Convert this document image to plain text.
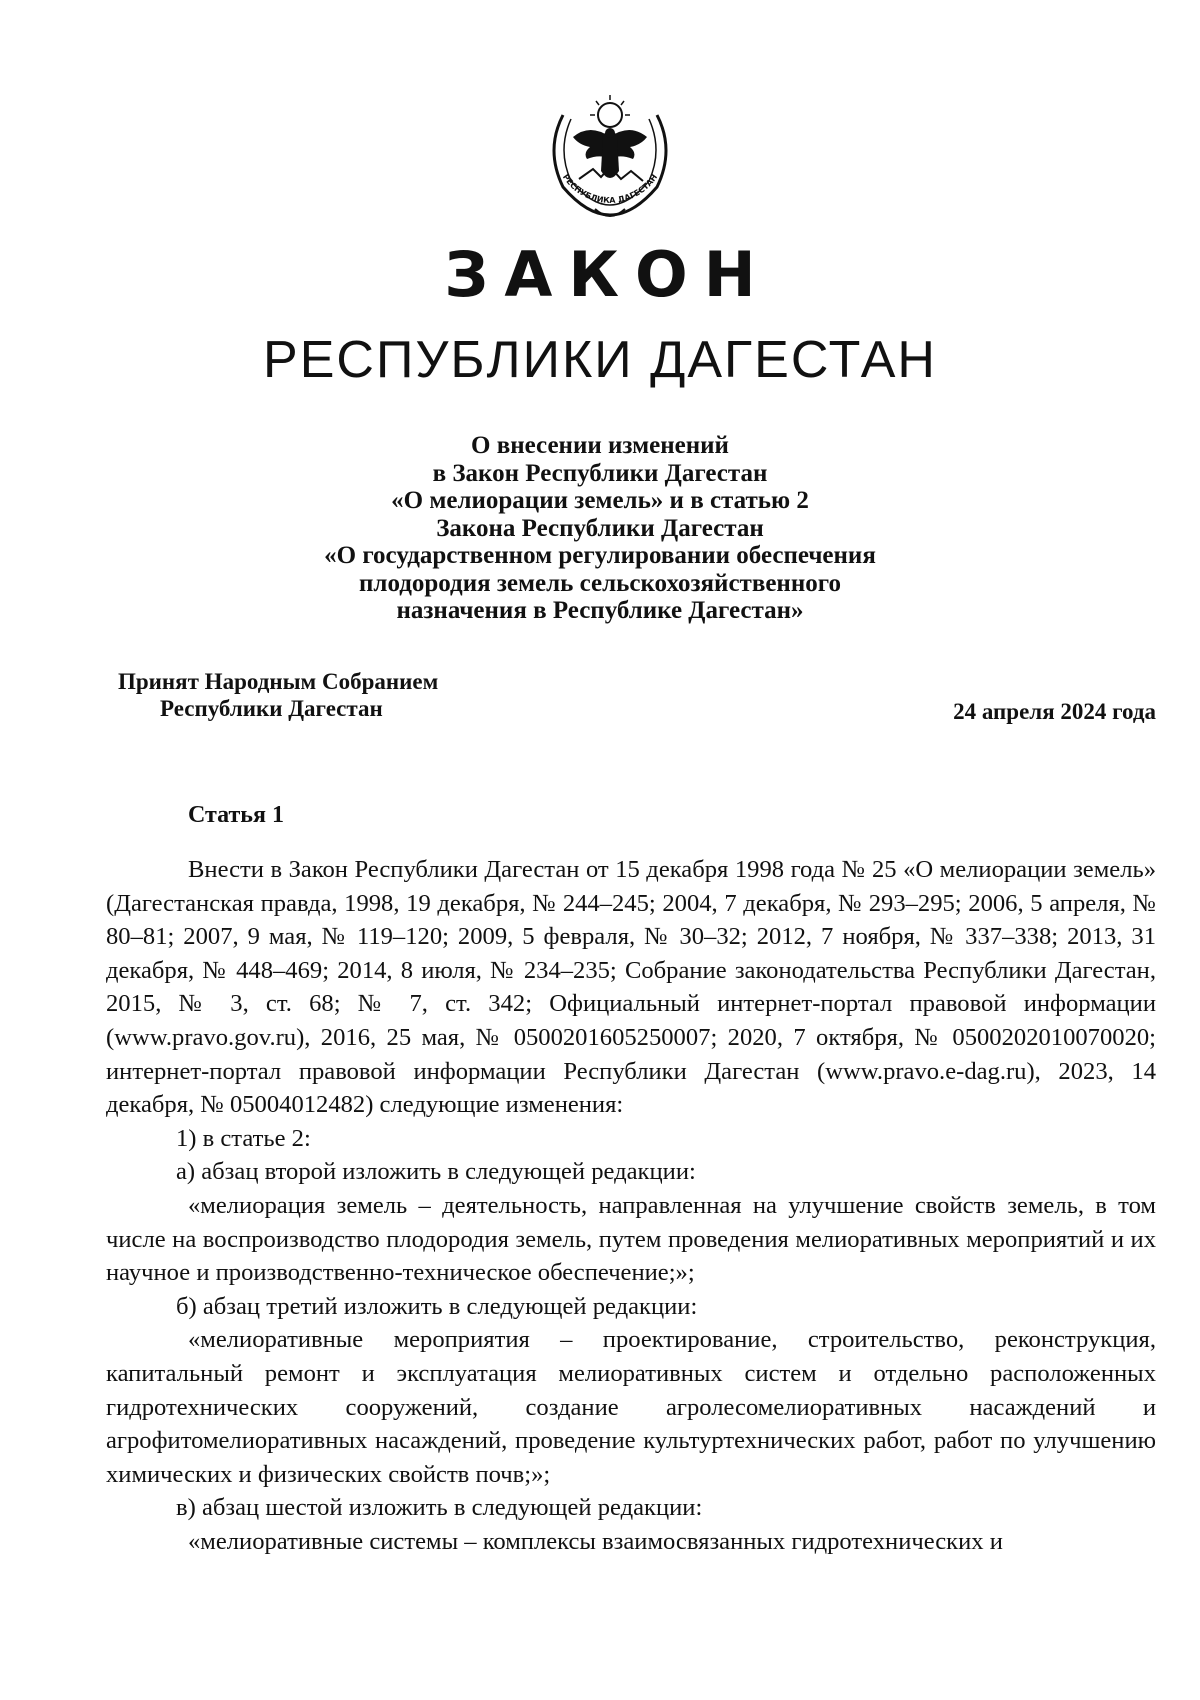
РЕСПУБЛИКА ДАГЕСТАН
ЗАКОН
РЕСПУБЛИКИ ДАГЕСТАН
О внесении изменений
в Закон Республики Дагестан
«О мелиорации земель» и в статью 2
Закона Республики Дагестан
«О государственном регулировании обеспечения
плодородия земель сельскохозяйственного
назначения в Республике Дагестан»
Принят Народным Собранием
Республики Дагестан	24 апреля 2024 года
Статья 1

Внести в Закон Республики Дагестан от 15 декабря 1998 года № 25 «О мелиорации земель» (Дагестанская правда, 1998, 19 декабря, № 244–245; 2004, 7 декабря, № 293–295; 2006, 5 апреля, № 80–81; 2007, 9 мая, № 119–120; 2009, 5 февраля, № 30–32; 2012, 7 ноября, № 337–338; 2013, 31 декабря, № 448–469; 2014, 8 июля, № 234–235; Собрание законодательства Республики Дагестан, 2015, № 3, ст. 68; № 7, ст. 342; Официальный интернет-портал правовой информации (www.pravo.gov.ru), 2016, 25 мая, № 0500201605250007; 2020, 7 октября, № 0500202010070020; интернет-портал правовой информации Республики Дагестан (www.pravo.e-dag.ru), 2023, 14 декабря, № 05004012482) следующие изменения:

1) в статье 2:

а) абзац второй изложить в следующей редакции:

«мелиорация земель – деятельность, направленная на улучшение свойств земель, в том числе на воспроизводство плодородия земель, путем проведения мелиоративных мероприятий и их научное и производственно-техническое обеспечение;»;

б) абзац третий изложить в следующей редакции:

«мелиоративные мероприятия – проектирование, строительство, реконструкция, капитальный ремонт и эксплуатация мелиоративных систем и отдельно расположенных гидротехнических сооружений, создание агролесомелиоративных насаждений и агрофитомелиоративных насаждений, проведение культуртехнических работ, работ по улучшению химических и физических свойств почв;»;

в) абзац шестой изложить в следующей редакции:

«мелиоративные системы – комплексы взаимосвязанных гидротехнических и
